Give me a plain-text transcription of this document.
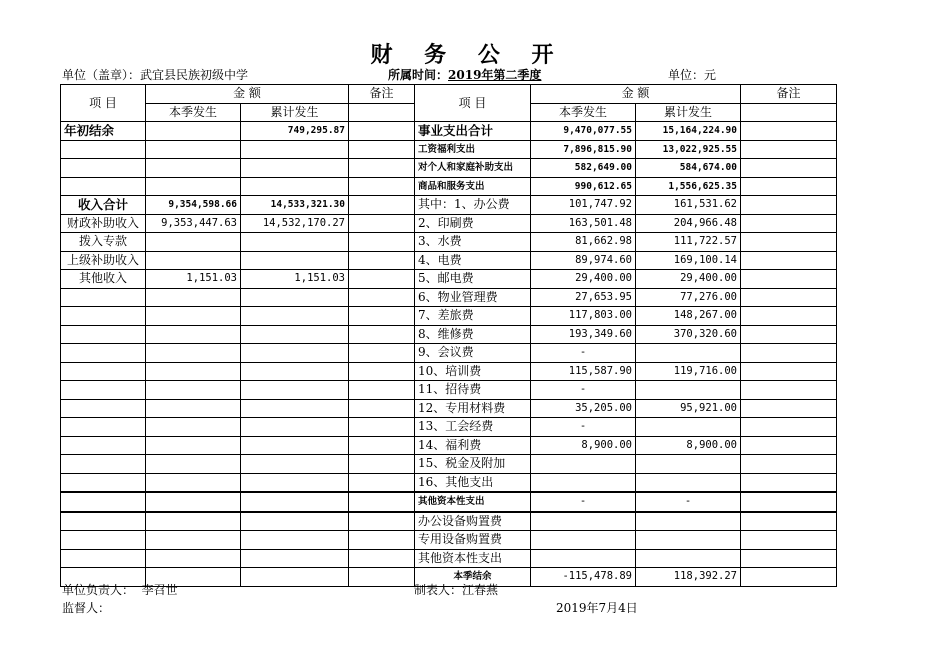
财 务 公 开
单位（盖章）：武宜县民族初级中学	所属时间：2019年第二季度	单位：元
项 目	金 额		备注	项 目	金 额		备注
	本季发生	累计发生			本季发生	累计发生	
年初结余		749,295.87		事业支出合计	9,470,077.55	15,164,224.90	
				工资福利支出	7,896,815.90	13,022,925.55	
				对个人和家庭补助支出	582,649.00	584,674.00	
				商品和服务支出	990,612.65	1,556,625.35	
收入合计	9,354,598.66	14,533,321.30		其中：1、办公费	101,747.92	161,531.62	
财政补助收入	9,353,447.63	14,532,170.27		2、印刷费	163,501.48	204,966.48	
拨入专款				3、水费	81,662.98	111,722.57	
上级补助收入				4、电费	89,974.60	169,100.14	
其他收入	1,151.03	1,151.03		5、邮电费	29,400.00	29,400.00	
				6、物业管理费	27,653.95	77,276.00	
				7、差旅费	117,803.00	148,267.00	
				8、维修费	193,349.60	370,320.60	
				9、会议费	-		
				10、培训费	115,587.90	119,716.00	
				11、招待费	-		
				12、专用材料费	35,205.00	95,921.00	
				13、工会经费	-		
				14、福利费	8,900.00	8,900.00	
				15、税金及附加			
				16、其他支出			
				其他资本性支出	-	-	
				办公设备购置费			
				专用设备购置费			
				其他资本性支出			
				本季结余	-115,478.89	118,392.27	
单位负责人： 李召世	制表人：江春燕
监督人：	2019年7月4日
